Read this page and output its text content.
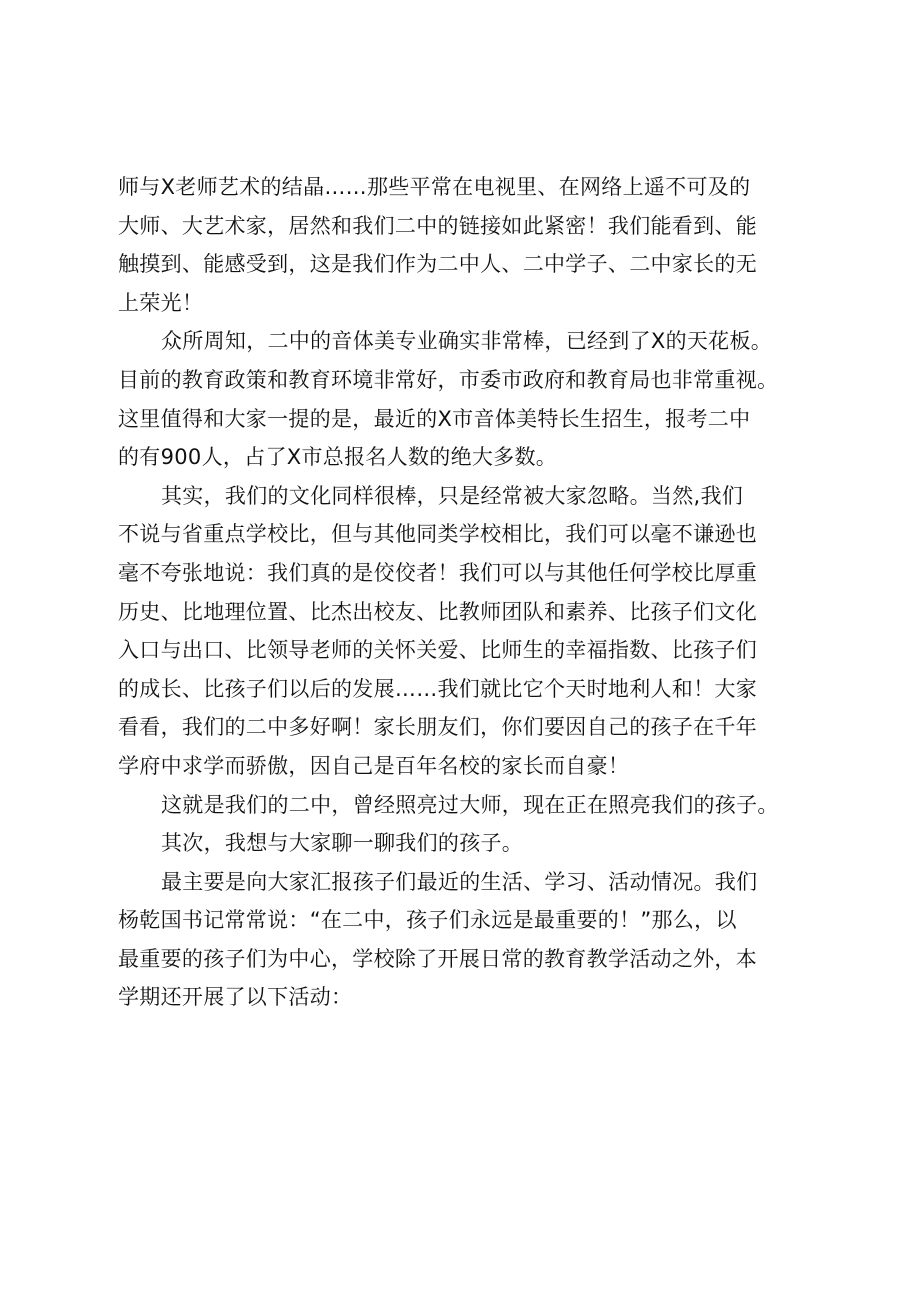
师与X老师艺术的结晶……那些平常在电视里、在网络上遥不可及的
大师、大艺术家，居然和我们二中的链接如此紧密！我们能看到、能
触摸到、能感受到，这是我们作为二中人、二中学子、二中家长的无
上荣光！
众所周知，二中的音体美专业确实非常棒，已经到了X的天花板。
目前的教育政策和教育环境非常好，市委市政府和教育局也非常重视。
这里值得和大家一提的是，最近的X市音体美特长生招生，报考二中
的有900人，占了X市总报名人数的绝大多数。
其实，我们的文化同样很棒，只是经常被大家忽略。当然,我们
不说与省重点学校比，但与其他同类学校相比，我们可以毫不谦逊也
毫不夸张地说：我们真的是佼佼者！我们可以与其他任何学校比厚重
历史、比地理位置、比杰出校友、比教师团队和素养、比孩子们文化
入口与出口、比领导老师的关怀关爱、比师生的幸福指数、比孩子们
的成长、比孩子们以后的发展……我们就比它个天时地利人和！大家
看看，我们的二中多好啊！家长朋友们，你们要因自己的孩子在千年
学府中求学而骄傲，因自己是百年名校的家长而自豪！
这就是我们的二中，曾经照亮过大师，现在正在照亮我们的孩子。
其次，我想与大家聊一聊我们的孩子。
最主要是向大家汇报孩子们最近的生活、学习、活动情况。我们
杨乾国书记常常说：“在二中，孩子们永远是最重要的！”那么，以
最重要的孩子们为中心，学校除了开展日常的教育教学活动之外，本
学期还开展了以下活动：
